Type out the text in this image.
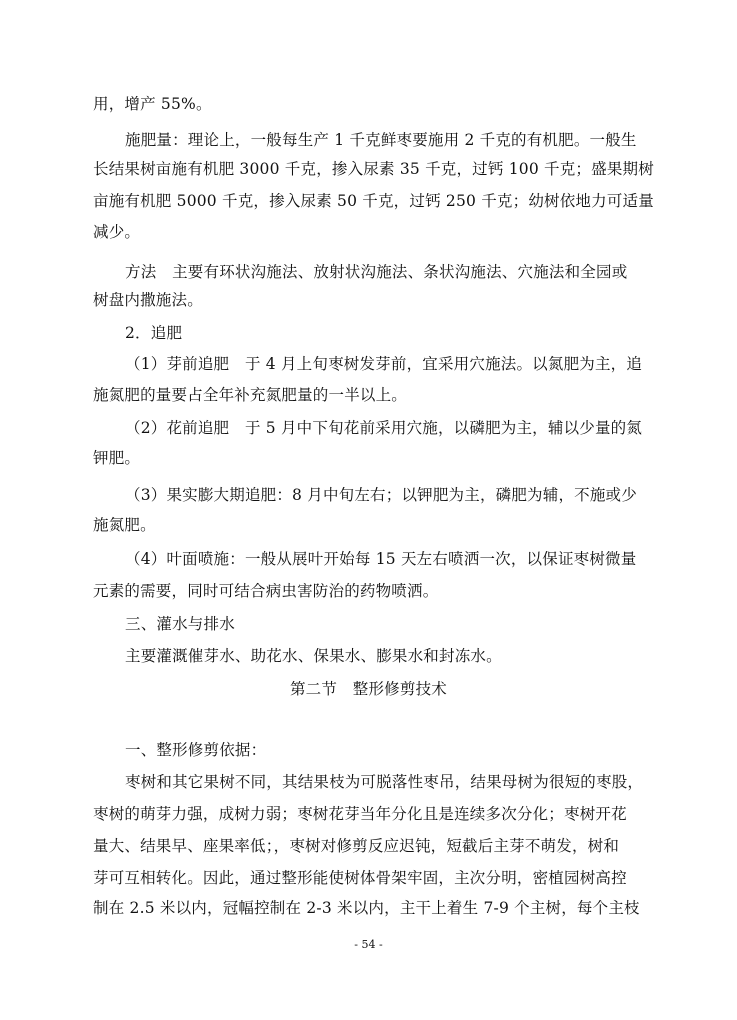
用，增产 55%。
施肥量：理论上，一般每生产 1 千克鲜枣要施用 2 千克的有机肥。一般生
长结果树亩施有机肥 3000 千克，掺入尿素 35 千克，过钙 100 千克；盛果期树
亩施有机肥 5000 千克，掺入尿素 50 千克，过钙 250 千克；幼树依地力可适量
减少。
方法　主要有环状沟施法、放射状沟施法、条状沟施法、穴施法和全园或
树盘内撒施法。
2．追肥
（1）芽前追肥　于 4 月上旬枣树发芽前，宜采用穴施法。以氮肥为主，追
施氮肥的量要占全年补充氮肥量的一半以上。
（2）花前追肥　于 5 月中下旬花前采用穴施，以磷肥为主，辅以少量的氮
钾肥。
（3）果实膨大期追肥：8 月中旬左右；以钾肥为主，磷肥为辅，不施或少
施氮肥。
（4）叶面喷施：一般从展叶开始每 15 天左右喷洒一次，以保证枣树微量
元素的需要，同时可结合病虫害防治的药物喷洒。
三、灌水与排水
主要灌溉催芽水、助花水、保果水、膨果水和封冻水。
第二节　整形修剪技术
一、整形修剪依据：
枣树和其它果树不同，其结果枝为可脱落性枣吊，结果母树为很短的枣股，
枣树的萌芽力强，成树力弱；枣树花芽当年分化且是连续多次分化；枣树开花
量大、结果早、座果率低；，枣树对修剪反应迟钝，短截后主芽不萌发，树和
芽可互相转化。因此，通过整形能使树体骨架牢固，主次分明，密植园树高控
制在 2.5 米以内，冠幅控制在 2-3 米以内，主干上着生 7-9 个主树，每个主枝
- 54 -
